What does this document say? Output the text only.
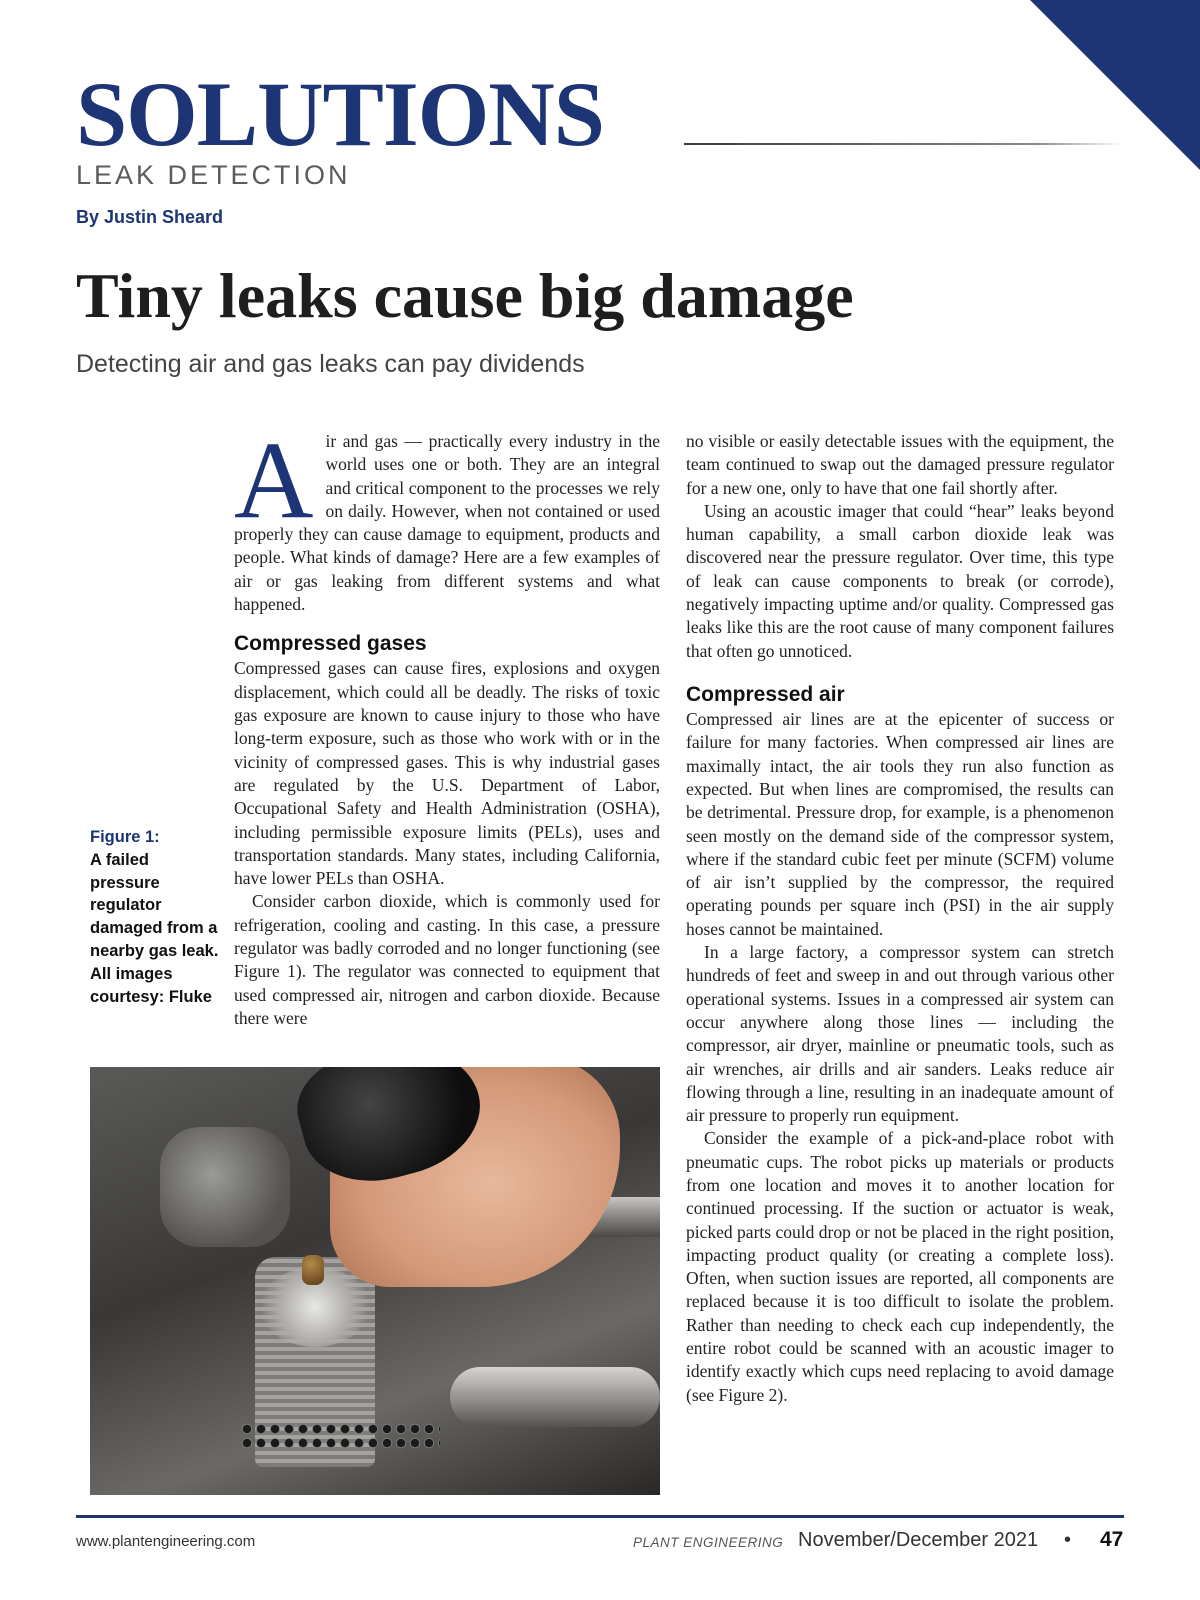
SOLUTIONS
LEAK DETECTION
By Justin Sheard
Tiny leaks cause big damage
Detecting air and gas leaks can pay dividends
A ir and gas — practically every industry in the world uses one or both. They are an integral and critical component to the processes we rely on daily. However, when not contained or used properly they can cause damage to equipment, products and people. What kinds of damage? Here are a few examples of air or gas leaking from different systems and what happened.

Compressed gases

Compressed gases can cause fires, explosions and oxygen displacement, which could all be deadly. The risks of toxic gas exposure are known to cause injury to those who have long-term exposure, such as those who work with or in the vicinity of compressed gases. This is why industrial gases are regulated by the U.S. Department of Labor, Occupational Safety and Health Administration (OSHA), including permissible exposure limits (PELs), uses and transportation standards. Many states, including California, have lower PELs than OSHA.

Consider carbon dioxide, which is commonly used for refrigeration, cooling and casting. In this case, a pressure regulator was badly corroded and no longer functioning (see Figure 1). The regulator was connected to equipment that used compressed air, nitrogen and carbon dioxide. Because there were

Figure 1:
A failed pressure regulator damaged from a nearby gas leak. All images courtesy: Fluke

no visible or easily detectable issues with the equipment, the team continued to swap out the damaged pressure regulator for a new one, only to have that one fail shortly after.

Using an acoustic imager that could “hear” leaks beyond human capability, a small carbon dioxide leak was discovered near the pressure regulator. Over time, this type of leak can cause components to break (or corrode), negatively impacting uptime and/or quality. Compressed gas leaks like this are the root cause of many component failures that often go unnoticed.

Compressed air

Compressed air lines are at the epicenter of success or failure for many factories. When compressed air lines are maximally intact, the air tools they run also function as expected. But when lines are compromised, the results can be detrimental. Pressure drop, for example, is a phenomenon seen mostly on the demand side of the compressor system, where if the standard cubic feet per minute (SCFM) volume of air isn’t supplied by the compressor, the required operating pounds per square inch (PSI) in the air supply hoses cannot be maintained.

In a large factory, a compressor system can stretch hundreds of feet and sweep in and out through various other operational systems. Issues in a compressed air system can occur anywhere along those lines — including the compressor, air dryer, mainline or pneumatic tools, such as air wrenches, air drills and air sanders. Leaks reduce air flowing through a line, resulting in an inadequate amount of air pressure to properly run equipment.

Consider the example of a pick-and-place robot with pneumatic cups. The robot picks up materials or products from one location and moves it to another location for continued processing. If the suction or actuator is weak, picked parts could drop or not be placed in the right position, impacting product quality (or creating a complete loss). Often, when suction issues are reported, all components are replaced because it is too difficult to isolate the problem. Rather than needing to check each cup independently, the entire robot could be scanned with an acoustic imager to identify exactly which cups need replacing to avoid damage (see Figure 2).

www.plantengineering.com	PLANT ENGINEERING November/December 2021 • 47
